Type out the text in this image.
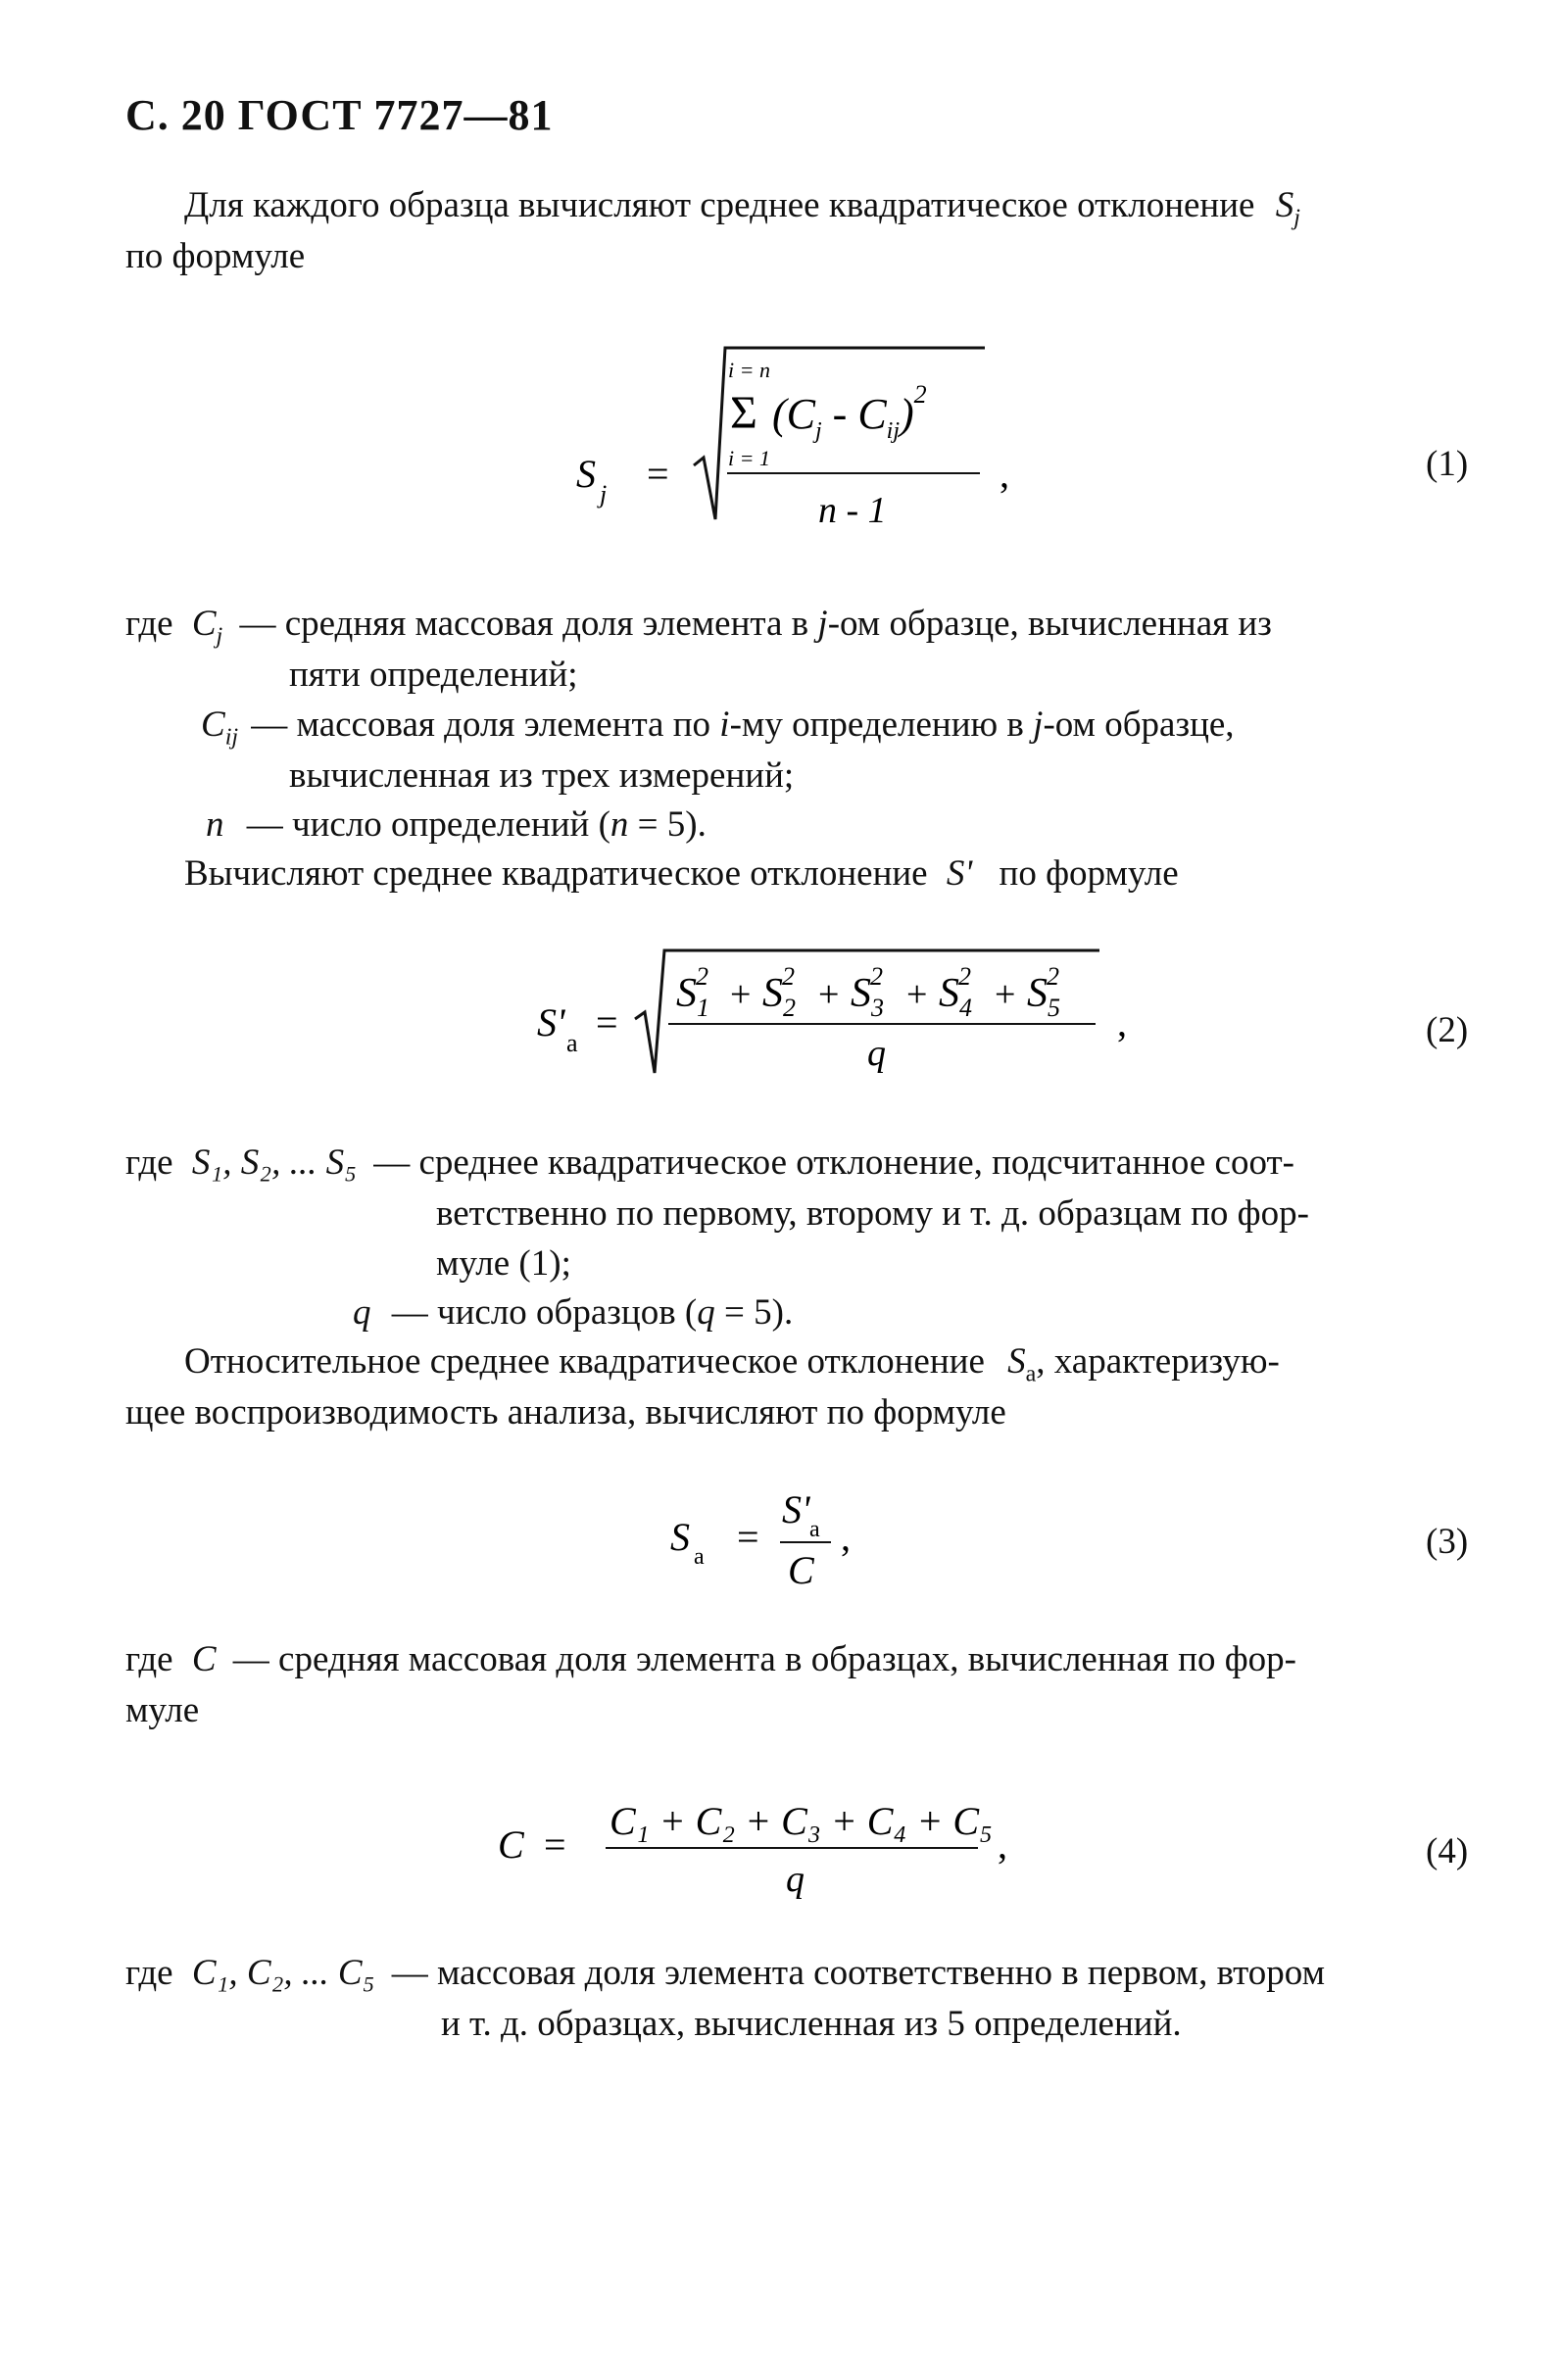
С. 20 ГОСТ 7727—81
Для каждого образца вычисляют среднее квадратическое отклонение $S_j$
по формуле
S j =
i = n
Σ
i = 1
$(C_j - C_{ij})^2$
n - 1
,	(1)
где $C_j$ — средняя массовая доля элемента в j-ом образце, вычисленная из
пяти определений;
$C_{ij}$ — массовая доля элемента по i-му определению в j-ом образце,
вычисленная из трех измерений;
n — число определений (n = 5).
Вычисляют среднее квадратическое отклонение S' по формуле
S' a =
$S_12 + S_22 + S_32 + S_42 + S_52$
q
,	(2)
где S₁, S₂, ... S₅ — среднее квадратическое отклонение, подсчитанное соот-
ветственно по первому, второму и т. д. образцам по фор-
муле (1);
q — число образцов (q = 5).
Относительное среднее квадратическое отклонение $S_a$, характеризую-
щее воспроизводимость анализа, вычисляют по формуле
S a =
S' a
C
,	(3)
где C — средняя массовая доля элемента в образцах, вычисленная по фор-
муле
C =
C₁ + C₂ + C₃ + C₄ + C₅
q
,	(4)
где C₁, C₂, ... C₅ — массовая доля элемента соответственно в первом, втором
и т. д. образцах, вычисленная из 5 определений.
